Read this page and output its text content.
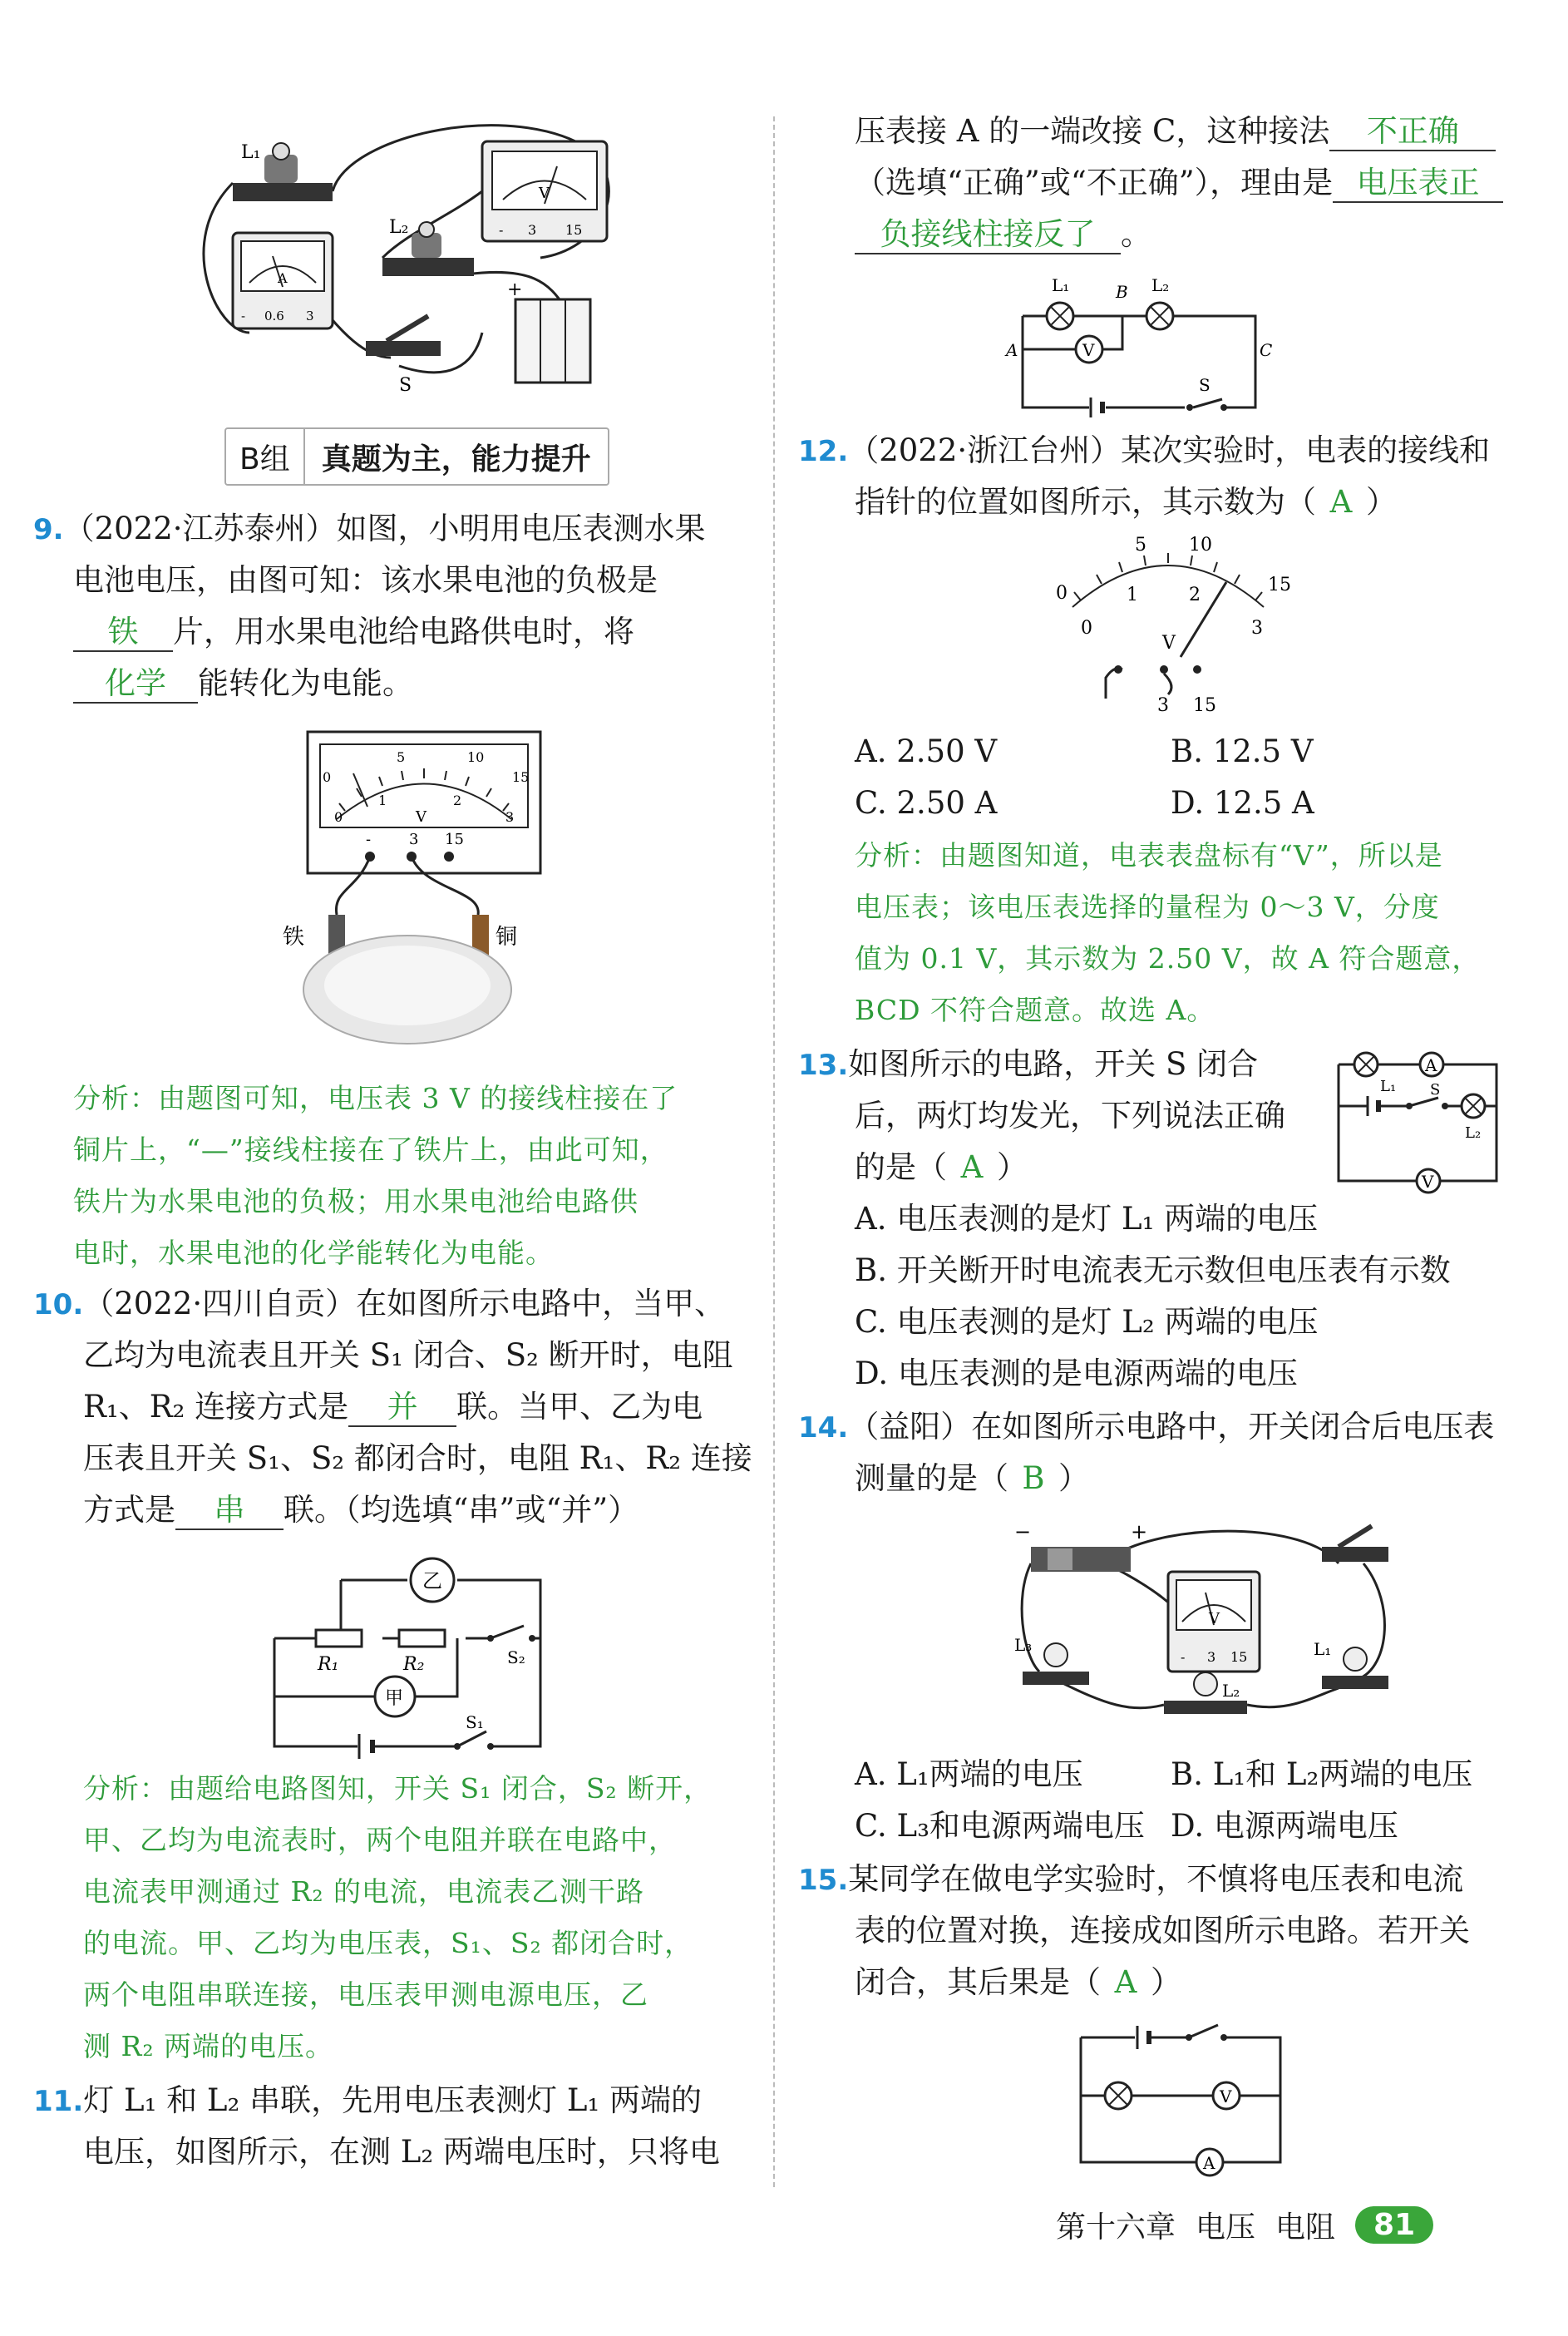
L₁
V
- 3 15
L₂
A
- 0.6 3
+
S
B组	真题为主，能力提升
9.（2022·江苏泰州）如图，小明用电压表测水果
电池电压，由图可知：该水果电池的负极是
铁 片，用水果电池给电路供电时，将
化学 能转化为电能。
5	10
0	15
1	2
0	3
V
-	3 15
铁	铜
分析：由题图可知，电压表 3 V 的接线柱接在了
铜片上，“—”接线柱接在了铁片上，由此可知，
铁片为水果电池的负极；用水果电池给电路供
电时，水果电池的化学能转化为电能。
10.（2022·四川自贡）在如图所示电路中，当甲、
乙均为电流表且开关 S₁ 闭合、S₂ 断开时，电阻
R₁、R₂ 连接方式是 并 联。当甲、乙为电
压表且开关 S₁、S₂ 都闭合时，电阻 R₁、R₂ 连接
方式是 串 联。（均选填“串”或“并”）
乙
R₁	R₂
甲
S₂
S₁
分析：由题给电路图知，开关 S₁ 闭合，S₂ 断开，
甲、乙均为电流表时，两个电阻并联在电路中，
电流表甲测通过 R₂ 的电流，电流表乙测干路
的电流。甲、乙均为电压表，S₁、S₂ 都闭合时，
两个电阻串联连接，电压表甲测电源电压，乙
测 R₂ 两端的电压。
11.灯 L₁ 和 L₂ 串联，先用电压表测灯 L₁ 两端的
电压，如图所示，在测 L₂ 两端电压时，只将电
压表接 A 的一端改接 C，这种接法 不正确
（选填“正确”或“不正确”），理由是 电压表正
负接线柱接反了 。
V
L₁	B L₂
A	C
S
12.（2022·浙江台州）某次实验时，电表的接线和
指针的位置如图所示，其示数为（ A ）
5 10
0	15
1	2
0	3
V
3 15
A. 2.50 V	B. 12.5 V
C. 2.50 A	D. 12.5 A
分析：由题图知道，电表表盘标有“V”，所以是
电压表；该电压表选择的量程为 0～3 V，分度
值为 0.1 V，其示数为 2.50 V，故 A 符合题意，
BCD 不符合题意。故选 A。
13.如图所示的电路，开关 S 闭合
后，两灯均发光，下列说法正确
的是（ A ）
A
V
L₁ S
L₂
A. 电压表测的是灯 L₁ 两端的电压
B. 开关断开时电流表无示数但电压表有示数
C. 电压表测的是灯 L₂ 两端的电压
D. 电压表测的是电源两端的电压
14.（益阳）在如图所示电路中，开关闭合后电压表
测量的是（ B ）
−	+
V
- 3 15
L₃
L₂
L₁
A. L₁两端的电压	B. L₁和 L₂两端的电压
C. L₃和电源两端电压 D. 电源两端电压
15.某同学在做电学实验时，不慎将电压表和电流
表的位置对换，连接成如图所示电路。若开关
闭合，其后果是（ A ）
V
A
第十六章 电压 电阻	81
